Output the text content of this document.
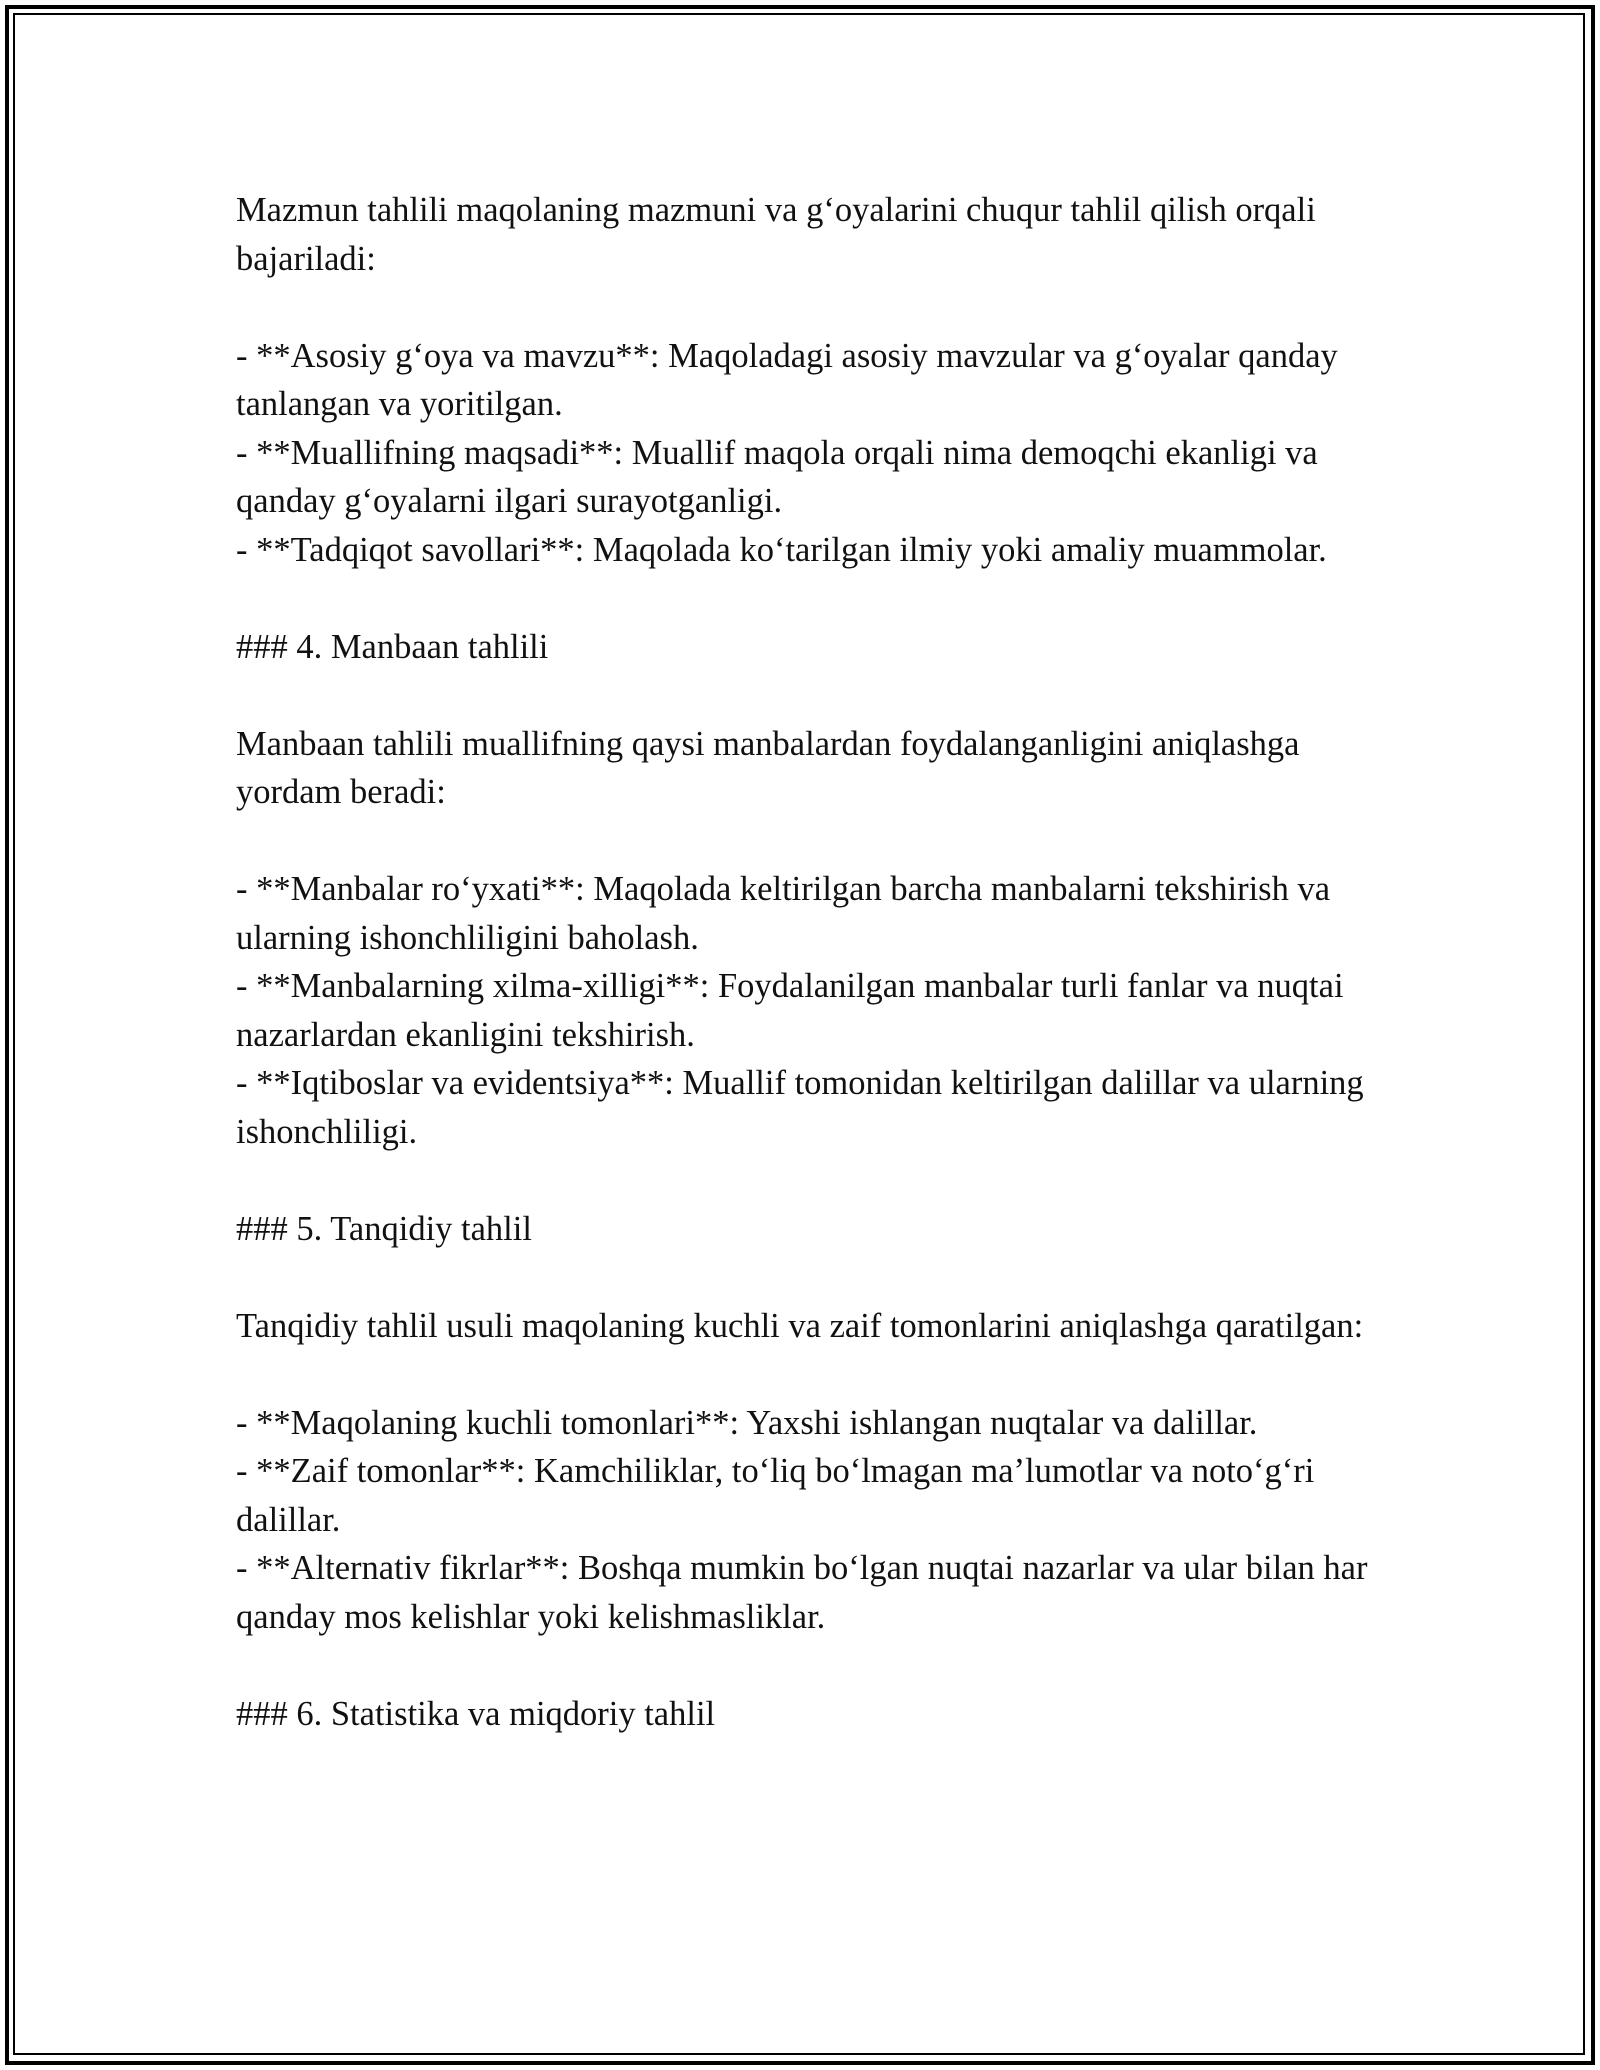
Mazmun tahlili maqolaning mazmuni va g‘oyalarini chuqur tahlil qilish orqali bajariladi:

- **Asosiy g‘oya va mavzu**: Maqoladagi asosiy mavzular va g‘oyalar qanday tanlangan va yoritilgan.
- **Muallifning maqsadi**: Muallif maqola orqali nima demoqchi ekanligi va qanday g‘oyalarni ilgari surayotganligi.
- **Tadqiqot savollari**: Maqolada ko‘tarilgan ilmiy yoki amaliy muammolar.
### 4. Manbaan tahlili

Manbaan tahlili muallifning qaysi manbalardan foydalanganligini aniqlashga yordam beradi:

- **Manbalar ro‘yxati**: Maqolada keltirilgan barcha manbalarni tekshirish va ularning ishonchliligini baholash.
- **Manbalarning xilma-xilligi**: Foydalanilgan manbalar turli fanlar va nuqtai nazarlardan ekanligini tekshirish.
- **Iqtiboslar va evidentsiya**: Muallif tomonidan keltirilgan dalillar va ularning ishonchliligi.
### 5. Tanqidiy tahlil

Tanqidiy tahlil usuli maqolaning kuchli va zaif tomonlarini aniqlashga qaratilgan:

- **Maqolaning kuchli tomonlari**: Yaxshi ishlangan nuqtalar va dalillar.
- **Zaif tomonlar**: Kamchiliklar, to‘liq bo‘lmagan ma’lumotlar va noto‘g‘ri dalillar.
- **Alternativ fikrlar**: Boshqa mumkin bo‘lgan nuqtai nazarlar va ular bilan har qanday mos kelishlar yoki kelishmasliklar.
### 6. Statistika va miqdoriy tahlil
